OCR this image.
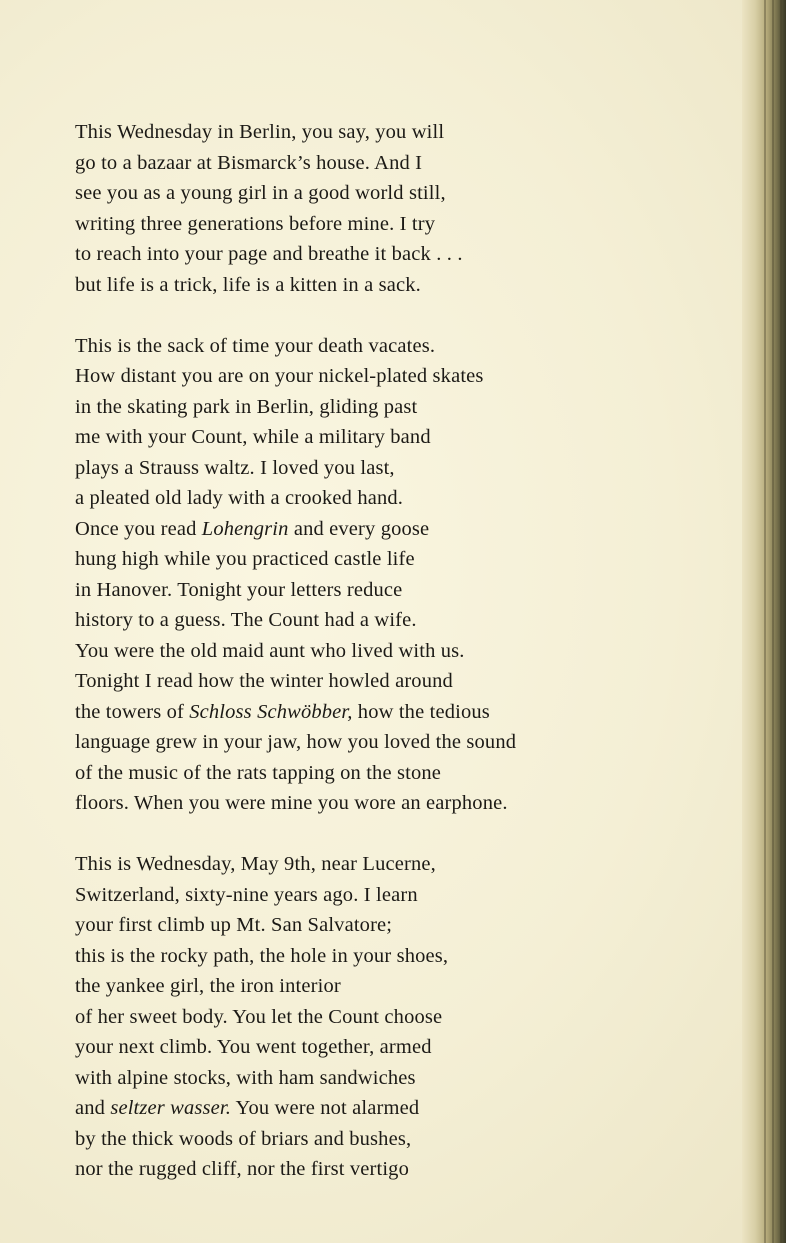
This Wednesday in Berlin, you say, you will
go to a bazaar at Bismarck’s house. And I
see you as a young girl in a good world still,
writing three generations before mine. I try
to reach into your page and breathe it back . . .
but life is a trick, life is a kitten in a sack.
This is the sack of time your death vacates.
How distant you are on your nickel-plated skates
in the skating park in Berlin, gliding past
me with your Count, while a military band
plays a Strauss waltz. I loved you last,
a pleated old lady with a crooked hand.
Once you read Lohengrin and every goose
hung high while you practiced castle life
in Hanover. Tonight your letters reduce
history to a guess. The Count had a wife.
You were the old maid aunt who lived with us.
Tonight I read how the winter howled around
the towers of Schloss Schwöbber, how the tedious
language grew in your jaw, how you loved the sound
of the music of the rats tapping on the stone
floors. When you were mine you wore an earphone.
This is Wednesday, May 9th, near Lucerne,
Switzerland, sixty-nine years ago. I learn
your first climb up Mt. San Salvatore;
this is the rocky path, the hole in your shoes,
the yankee girl, the iron interior
of her sweet body. You let the Count choose
your next climb. You went together, armed
with alpine stocks, with ham sandwiches
and seltzer wasser. You were not alarmed
by the thick woods of briars and bushes,
nor the rugged cliff, nor the first vertigo
